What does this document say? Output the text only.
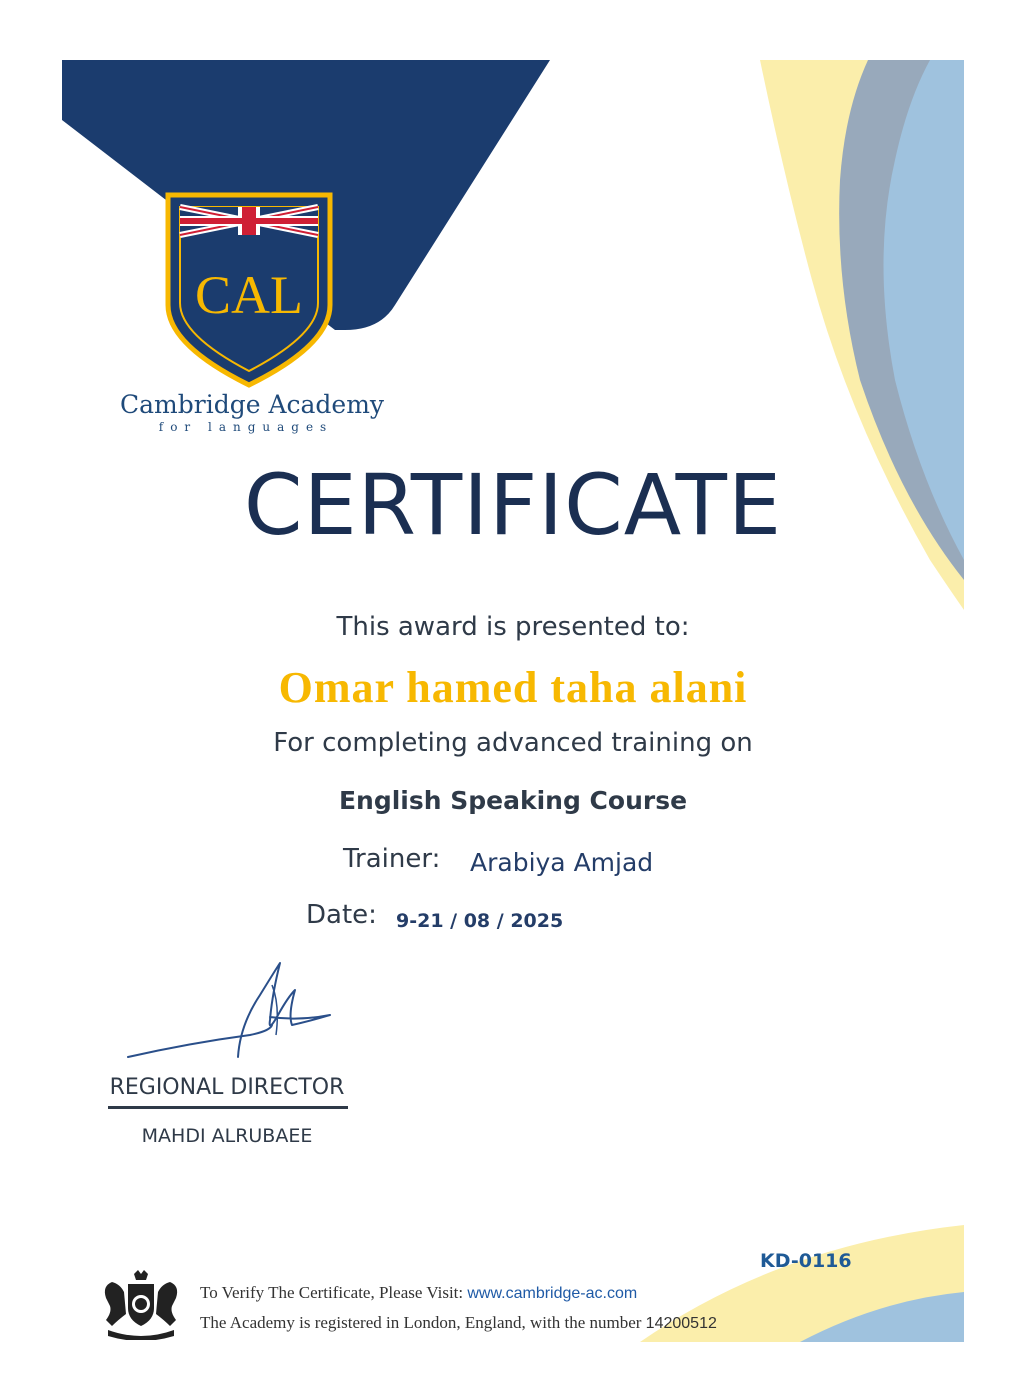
CAL
Cambridge Academy
for languages
CERTIFICATE
This award is presented to:
Omar hamed taha alani
For completing advanced training on
English Speaking Course
Trainer: Arabiya Amjad
Date: 9-21 / 08 / 2025
REGIONAL DIRECTOR
MAHDI ALRUBAEE
KD-0116
To Verify The Certificate, Please Visit: www.cambridge-ac.com
The Academy is registered in London, England, with the number 14200512
